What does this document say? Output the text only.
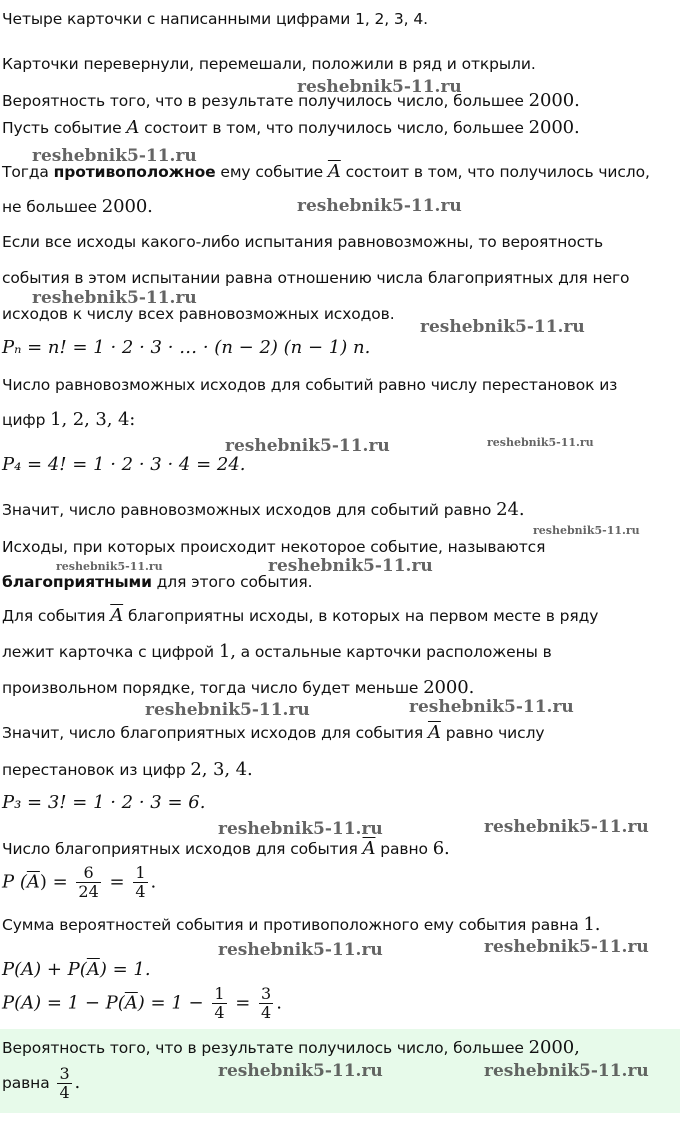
Четыре карточки с написанными цифрами 1, 2, 3, 4.
Карточки перевернули, перемешали, положили в ряд и открыли.
Вероятность того, что в результате получилось число, большее 2000.
Пусть событие A состоит в том, что получилось число, большее 2000.
Тогда противоположное ему событие $\overline{A}$ состоит в том, что получилось число,
не большее 2000.
Если все исходы какого-либо испытания равновозможны, то вероятность
события в этом испытании равна отношению числа благоприятных для него
исходов к числу всех равновозможных исходов.
Pₙ = n! = 1 · 2 · 3 · … · (n − 2) (n − 1) n.
Число равновозможных исходов для событий равно числу перестановок из
цифр 1, 2, 3, 4:
P₄ = 4! = 1 · 2 · 3 · 4 = 24.
Значит, число равновозможных исходов для событий равно 24.
Исходы, при которых происходит некоторое событие, называются
благоприятными для этого события.
Для события $\overline{A}$ благоприятны исходы, в которых на первом месте в ряду
лежит карточка с цифрой 1, а остальные карточки расположены в
произвольном порядке, тогда число будет меньше 2000.
Значит, число благоприятных исходов для события $\overline{A}$ равно числу
перестановок из цифр 2, 3, 4.
P₃ = 3! = 1 · 2 · 3 = 6.
Число благоприятных исходов для события $\overline{A}$ равно 6.
P $(\overline{A}) = \frac{6}{24} = \frac{1}{4}$ .
Сумма вероятностей события и противоположного ему события равна 1.
$P(A) + P(\overline{A}) = 1$.
$P(A) = 1 - P(\overline{A}) = 1 - \frac{1}{4} = \frac{3}{4}$ .
Вероятность того, что в результате получилось число, большее 2000,
равна $\frac{3}{4}$ .
reshebnik5-11.ru
reshebnik5-11.ru
reshebnik5-11.ru
reshebnik5-11.ru
reshebnik5-11.ru
reshebnik5-11.ru	reshebnik5-11.ru
reshebnik5-11.ru
reshebnik5-11.ru	reshebnik5-11.ru
reshebnik5-11.ru	reshebnik5-11.ru
reshebnik5-11.ru	reshebnik5-11.ru
reshebnik5-11.ru	reshebnik5-11.ru
reshebnik5-11.ru	reshebnik5-11.ru
